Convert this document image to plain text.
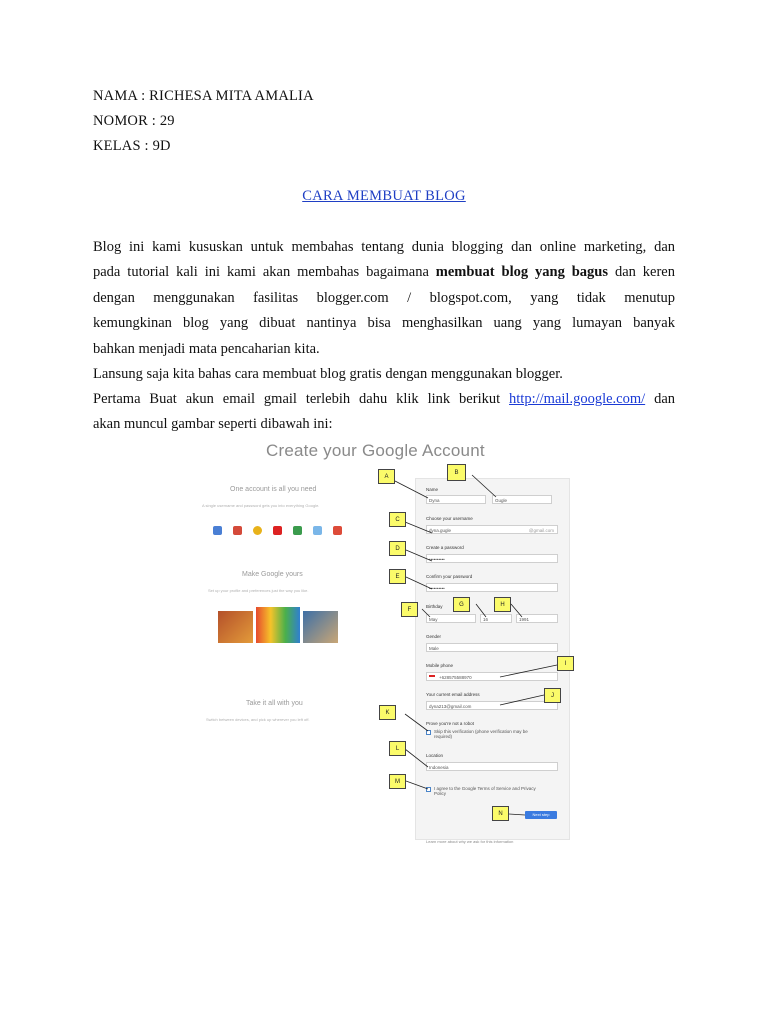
NAMA : RICHESA MITA AMALIA
NOMOR : 29
KELAS : 9D
CARA MEMBUAT BLOG
Blog ini kami kususkan untuk membahas tentang dunia blogging dan online marketing, dan
pada tutorial kali ini kami akan membahas bagaimana membuat blog yang bagus dan keren
dengan menggunakan fasilitas blogger.com / blogspot.com, yang tidak menutup
kemungkinan blog yang dibuat nantinya bisa menghasilkan uang yang lumayan banyak
bahkan menjadi mata pencaharian kita.
Lansung saja kita bahas cara membuat blog gratis dengan menggunakan blogger.
Pertama Buat akun email gmail terlebih dahu klik link berikut http://mail.google.com/ dan
akan muncul gambar seperti dibawah ini:
Create your Google Account
One account is all you need
A single username and password gets you into everything Google.
Make Google yours
Set up your profile and preferences just the way you like.
Take it all with you
Switch between devices, and pick up wherever you left off.
Name
Dyna	Gugle
Choose your username
dyna.gugle	@gmail.com
Create a password
••••••••••
Confirm your password
••••••••••
Birthday
May	16	1991
Gender
Male
Mobile phone
+628575588970
Your current email address
dyna213@gmail.com
Prove you're not a robot
Skip this verification (phone verification may be required)
Location
Indonesia
I agree to the Google Terms of Service and Privacy Policy
Next step
Learn more about why we ask for this information
A
B
C
D
E
F
G	H
I
J
K
L
M
N
